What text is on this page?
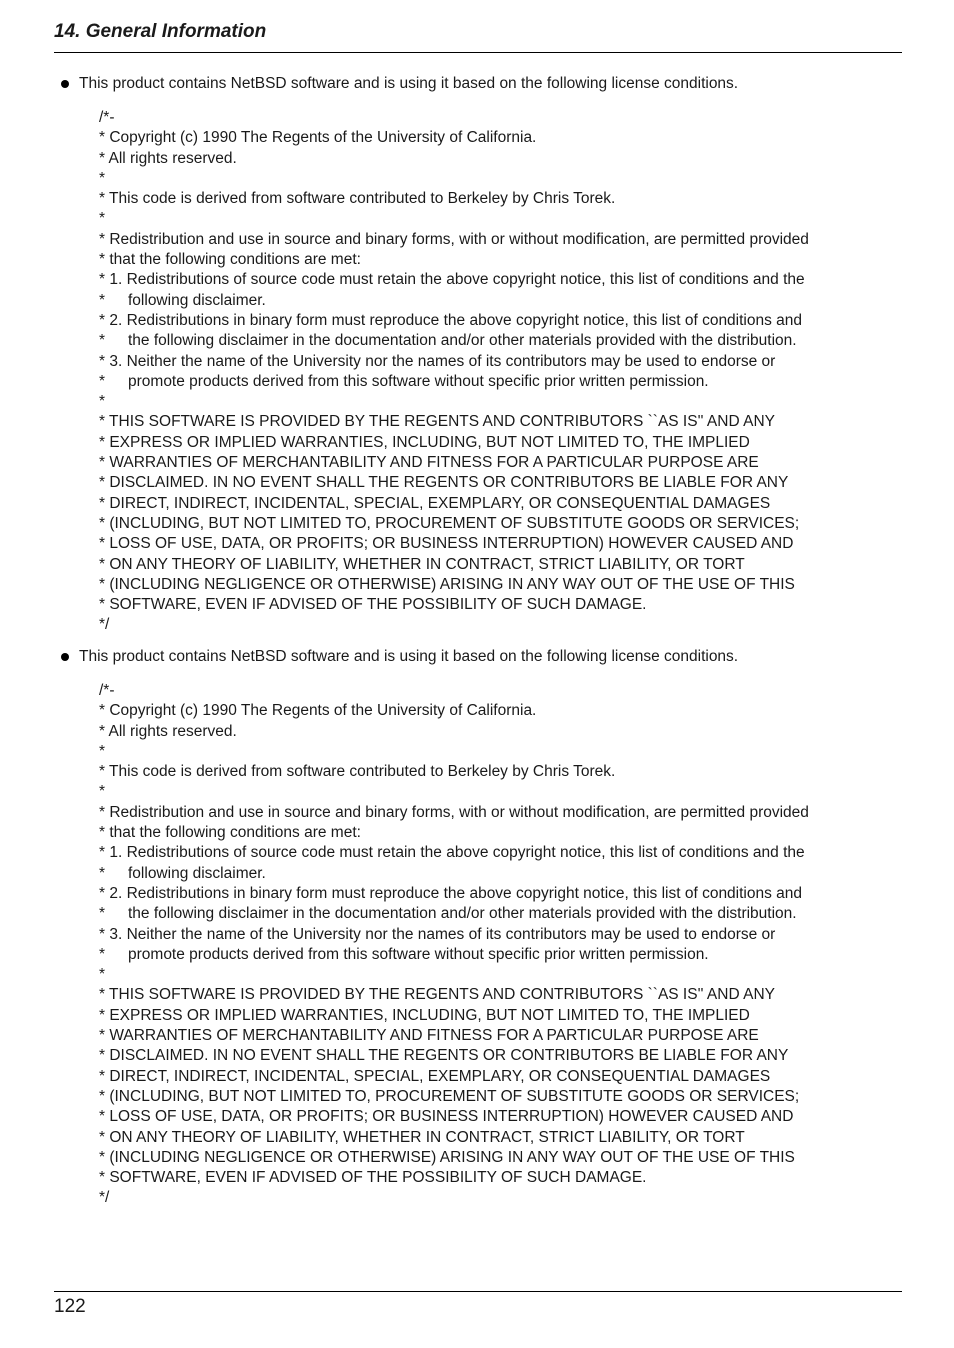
14. General Information
This product contains NetBSD software and is using it based on the following license conditions.
/*-
* Copyright (c) 1990 The Regents of the University of California.
* All rights reserved.
*
* This code is derived from software contributed to Berkeley by Chris Torek.
*
* Redistribution and use in source and binary forms, with or without modification, are permitted provided
* that the following conditions are met:
* 1. Redistributions of source code must retain the above copyright notice, this list of conditions and the
* following disclaimer.
* 2. Redistributions in binary form must reproduce the above copyright notice, this list of conditions and
* the following disclaimer in the documentation and/or other materials provided with the distribution.
* 3. Neither the name of the University nor the names of its contributors may be used to endorse or
* promote products derived from this software without specific prior written permission.
*
* THIS SOFTWARE IS PROVIDED BY THE REGENTS AND CONTRIBUTORS ``AS IS'' AND ANY
* EXPRESS OR IMPLIED WARRANTIES, INCLUDING, BUT NOT LIMITED TO, THE IMPLIED
* WARRANTIES OF MERCHANTABILITY AND FITNESS FOR A PARTICULAR PURPOSE ARE
* DISCLAIMED. IN NO EVENT SHALL THE REGENTS OR CONTRIBUTORS BE LIABLE FOR ANY
* DIRECT, INDIRECT, INCIDENTAL, SPECIAL, EXEMPLARY, OR CONSEQUENTIAL DAMAGES
* (INCLUDING, BUT NOT LIMITED TO, PROCUREMENT OF SUBSTITUTE GOODS OR SERVICES;
* LOSS OF USE, DATA, OR PROFITS; OR BUSINESS INTERRUPTION) HOWEVER CAUSED AND
* ON ANY THEORY OF LIABILITY, WHETHER IN CONTRACT, STRICT LIABILITY, OR TORT
* (INCLUDING NEGLIGENCE OR OTHERWISE) ARISING IN ANY WAY OUT OF THE USE OF THIS
* SOFTWARE, EVEN IF ADVISED OF THE POSSIBILITY OF SUCH DAMAGE.
*/
This product contains NetBSD software and is using it based on the following license conditions.
/*-
* Copyright (c) 1990 The Regents of the University of California.
* All rights reserved.
*
* This code is derived from software contributed to Berkeley by Chris Torek.
*
* Redistribution and use in source and binary forms, with or without modification, are permitted provided
* that the following conditions are met:
* 1. Redistributions of source code must retain the above copyright notice, this list of conditions and the
* following disclaimer.
* 2. Redistributions in binary form must reproduce the above copyright notice, this list of conditions and
* the following disclaimer in the documentation and/or other materials provided with the distribution.
* 3. Neither the name of the University nor the names of its contributors may be used to endorse or
* promote products derived from this software without specific prior written permission.
*
* THIS SOFTWARE IS PROVIDED BY THE REGENTS AND CONTRIBUTORS ``AS IS'' AND ANY
* EXPRESS OR IMPLIED WARRANTIES, INCLUDING, BUT NOT LIMITED TO, THE IMPLIED
* WARRANTIES OF MERCHANTABILITY AND FITNESS FOR A PARTICULAR PURPOSE ARE
* DISCLAIMED. IN NO EVENT SHALL THE REGENTS OR CONTRIBUTORS BE LIABLE FOR ANY
* DIRECT, INDIRECT, INCIDENTAL, SPECIAL, EXEMPLARY, OR CONSEQUENTIAL DAMAGES
* (INCLUDING, BUT NOT LIMITED TO, PROCUREMENT OF SUBSTITUTE GOODS OR SERVICES;
* LOSS OF USE, DATA, OR PROFITS; OR BUSINESS INTERRUPTION) HOWEVER CAUSED AND
* ON ANY THEORY OF LIABILITY, WHETHER IN CONTRACT, STRICT LIABILITY, OR TORT
* (INCLUDING NEGLIGENCE OR OTHERWISE) ARISING IN ANY WAY OUT OF THE USE OF THIS
* SOFTWARE, EVEN IF ADVISED OF THE POSSIBILITY OF SUCH DAMAGE.
*/
122
